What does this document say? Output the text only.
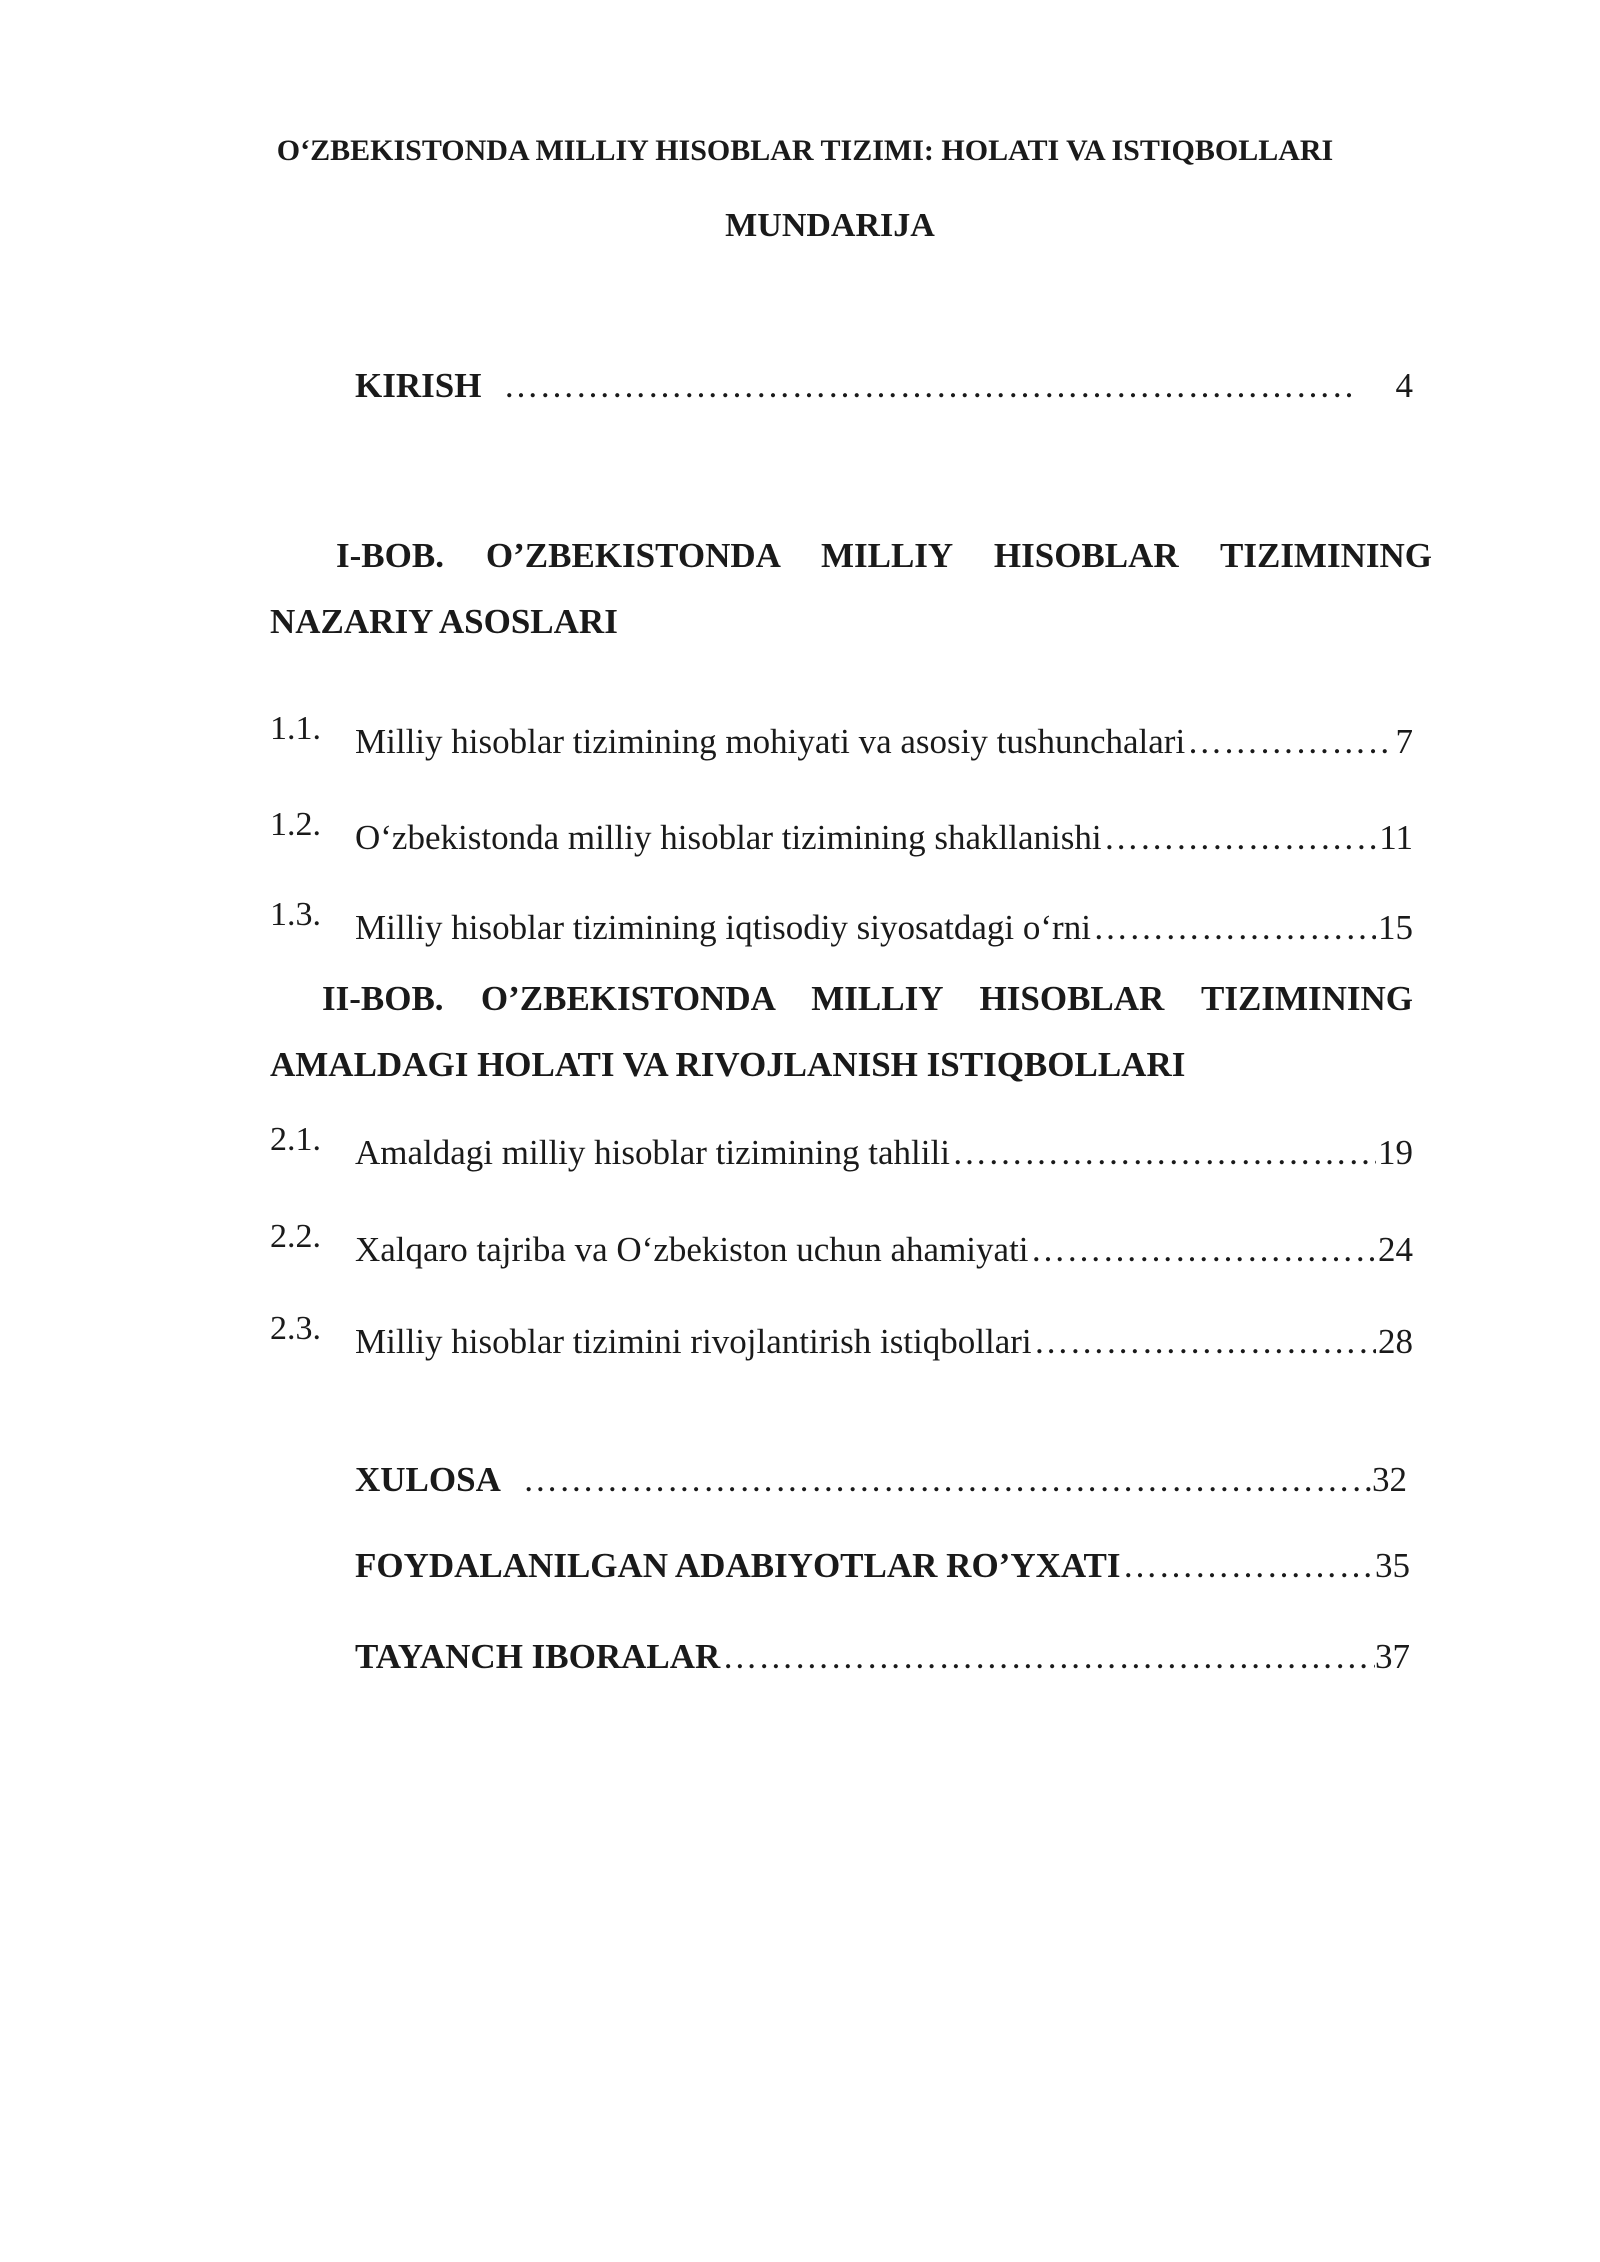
O‘ZBEKISTONDA MILLIY HISOBLAR TIZIMI: HOLATI VA ISTIQBOLLARI
MUNDARIJA
KIRISH ……………………………………………………………………………………………………………………………………	4
I-BOB. O’ZBEKISTONDA MILLIY HISOBLAR TIZIMINING
NAZARIY ASOSLARI
1.1. Milliy hisoblar tizimining mohiyati va asosiy tushunchalari ……………………………………………………………………………………………………………………………………	7
1.2. O‘zbekistonda milliy hisoblar tizimining shakllanishi ……………………………………………………………………………………………………………………………………	11
1.3. Milliy hisoblar tizimining iqtisodiy siyosatdagi o‘rni ……………………………………………………………………………………………………………………………………	15
II-BOB. O’ZBEKISTONDA MILLIY HISOBLAR TIZIMINING
AMALDAGI HOLATI VA RIVOJLANISH ISTIQBOLLARI
2.1. Amaldagi milliy hisoblar tizimining tahlili ……………………………………………………………………………………………………………………………………	19
2.2. Xalqaro tajriba va O‘zbekiston uchun ahamiyati ……………………………………………………………………………………………………………………………………	24
2.3. Milliy hisoblar tizimini rivojlantirish istiqbollari ……………………………………………………………………………………………………………………………………	28
XULOSA ……………………………………………………………………………………………………………………………………	32
FOYDALANILGAN ADABIYOTLAR RO’YXATI ……………………………………………………………………………………………………………………………………	35
TAYANCH IBORALAR ……………………………………………………………………………………………………………………………………	37
